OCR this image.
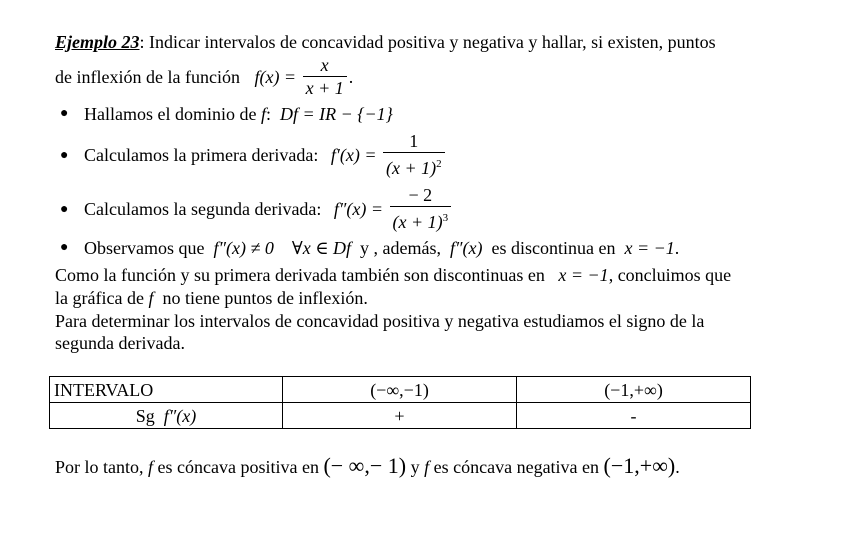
Ejemplo 23: Indicar intervalos de concavidad positiva y negativa y hallar, si existen, puntos
de inflexión de la función $f(x) = \frac{x}{x + 1}$ .
● Hallamos el dominio de f: Df = IR − {−1}
● Calculamos la primera derivada: $f'(x) = \frac{1}{(x + 1)^2}$
● Calculamos la segunda derivada: $f''(x) = \frac{- 2}{(x + 1)^3}$
● Observamos que f″(x) ≠ 0 ∀x ∈ Df y , además, f″(x) es discontinua en x = −1.
Como la función y su primera derivada también son discontinuas en x = −1, concluimos que
la gráfica de f no tiene puntos de inflexión.
Para determinar los intervalos de concavidad positiva y negativa estudiamos el signo de la
segunda derivada.
INTERVALO	(−∞,−1)	(−1,+∞)
Sg f″(x)	+	-
Por lo tanto, f es cóncava positiva en (− ∞,− 1) y f es cóncava negativa en (−1,+∞).
